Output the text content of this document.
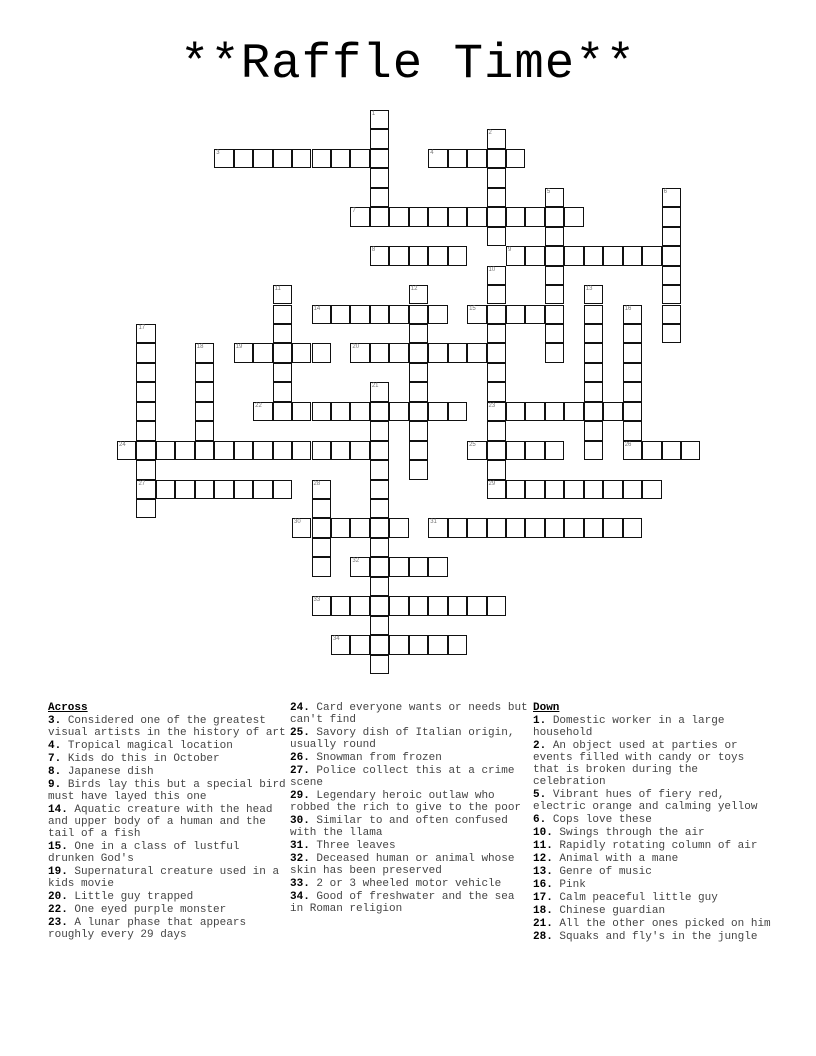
**Raffle Time**
1
2
3	4
5	6
7
8	9
10
23
29
11	12	13
14	15	16
26
17
27
18	19	20
21
22
24	25
28
30	31
32
33
34
Across
3. Considered one of the greatest visual artists in the history of art
4. Tropical magical location
7. Kids do this in October
8. Japanese dish
9. Birds lay this but a special bird must have layed this one
14. Aquatic creature with the head and upper body of a human and the tail of a fish
15. One in a class of lustful drunken God's
19. Supernatural creature used in a kids movie
20. Little guy trapped
22. One eyed purple monster
23. A lunar phase that appears roughly every 29 days
24. Card everyone wants or needs but can't find
25. Savory dish of Italian origin, usually round
26. Snowman from frozen
27. Police collect this at a crime scene
29. Legendary heroic outlaw who robbed the rich to give to the poor
30. Similar to and often confused with the llama
31. Three leaves
32. Deceased human or animal whose skin has been preserved
33. 2 or 3 wheeled motor vehicle
34. Good of freshwater and the sea in Roman religion
Down
1. Domestic worker in a large household
2. An object used at parties or events filled with candy or toys that is broken during the celebration
5. Vibrant hues of fiery red, electric orange and calming yellow
6. Cops love these
10. Swings through the air
11. Rapidly rotating column of air
12. Animal with a mane
13. Genre of music
16. Pink
17. Calm peaceful little guy
18. Chinese guardian
21. All the other ones picked on him
28. Squaks and fly's in the jungle
